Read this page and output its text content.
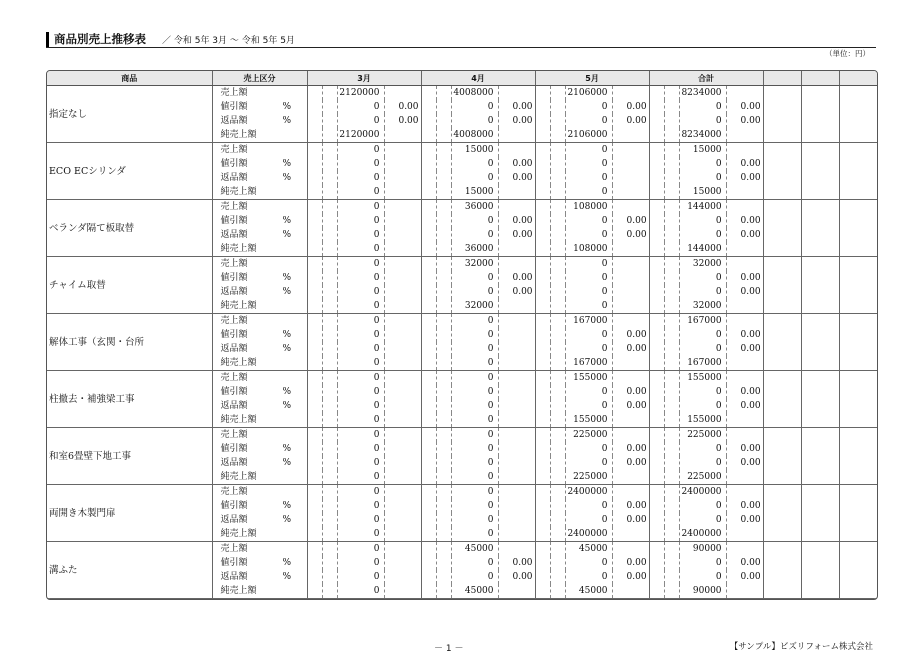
商品別売上推移表 ／ 令和 5年 3月 〜 令和 5年 5月
（単位：円）
商品	売上区分		3月				4月				5月				合計						
指定なし	売上額				2120000				4008000				2106000				8234000				
	値引額	%			0	0.00			0	0.00			0	0.00			0	0.00			
	返品額	%			0	0.00			0	0.00			0	0.00			0	0.00			
	純売上額				2120000				4008000				2106000				8234000				
ECO ECシリンダ	売上額				0				15000				0				15000				
	値引額	%			0				0	0.00			0				0	0.00			
	返品額	%			0				0	0.00			0				0	0.00			
	純売上額				0				15000				0				15000				
ベランダ隔て板取替	売上額				0				36000				108000				144000				
	値引額	%			0				0	0.00			0	0.00			0	0.00			
	返品額	%			0				0	0.00			0	0.00			0	0.00			
	純売上額				0				36000				108000				144000				
チャイム取替	売上額				0				32000				0				32000				
	値引額	%			0				0	0.00			0				0	0.00			
	返品額	%			0				0	0.00			0				0	0.00			
	純売上額				0				32000				0				32000				
解体工事（玄関・台所	売上額				0				0				167000				167000				
	値引額	%			0				0				0	0.00			0	0.00			
	返品額	%			0				0				0	0.00			0	0.00			
	純売上額				0				0				167000				167000				
柱撤去・補強梁工事	売上額				0				0				155000				155000				
	値引額	%			0				0				0	0.00			0	0.00			
	返品額	%			0				0				0	0.00			0	0.00			
	純売上額				0				0				155000				155000				
和室6畳壁下地工事	売上額				0				0				225000				225000				
	値引額	%			0				0				0	0.00			0	0.00			
	返品額	%			0				0				0	0.00			0	0.00			
	純売上額				0				0				225000				225000				
両開き木製門扉	売上額				0				0				2400000				2400000				
	値引額	%			0				0				0	0.00			0	0.00			
	返品額	%			0				0				0	0.00			0	0.00			
	純売上額				0				0				2400000				2400000				
溝ふた	売上額				0				45000				45000				90000				
	値引額	%			0				0	0.00			0	0.00			0	0.00			
	返品額	%			0				0	0.00			0	0.00			0	0.00			
	純売上額				0				45000				45000				90000				
－ 1 －	【サンプル】ビズリフォーム株式会社
